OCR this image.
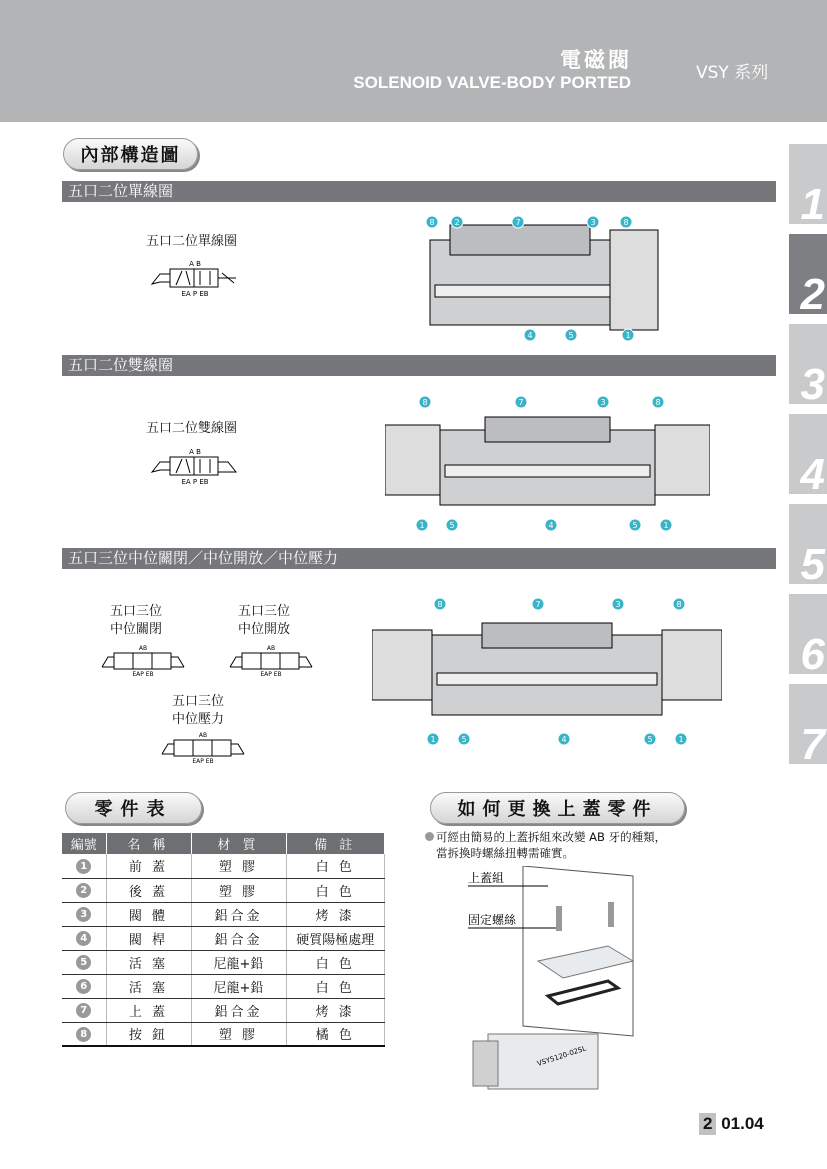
電磁閥
SOLENOID VALVE-BODY PORTED	VSY 系列
1
2
3
4
5
6
7
內部構造圖
五口二位單線圈
五口二位單線圈
A B
EA P EB
8 2	7	3	8
4	5	1
五口二位雙線圈
五口二位雙線圈
A B
EA P EB
8	7	3	8
1	5	4	5	1
五口三位中位關閉／中位開放／中位壓力
五口三位
中位關閉
五口三位
中位開放
五口三位
中位壓力
AB
EAP EB
AB
EAP EB
AB
EAP EB
8	7	3	8
1	5	4	5	1
零件表
編號	名 稱	材 質	備 註
1	前 蓋	塑 膠	白 色
2	後 蓋	塑 膠	白 色
3	閥 體	鋁合金	烤 漆
4	閥 桿	鋁合金	硬質陽極處理
5	活 塞	尼龍+鉛	白 色
6	活 塞	尼龍+鉛	白 色
7	上 蓋	鋁合金	烤 漆
8	按 鈕	塑 膠	橘 色
如何更換上蓋零件
可經由簡易的上蓋拆組來改變 AB 牙的種類，
當拆換時螺絲扭轉需確實。
上蓋組
固定螺絲
VSY5120-02SL
2 01.04
